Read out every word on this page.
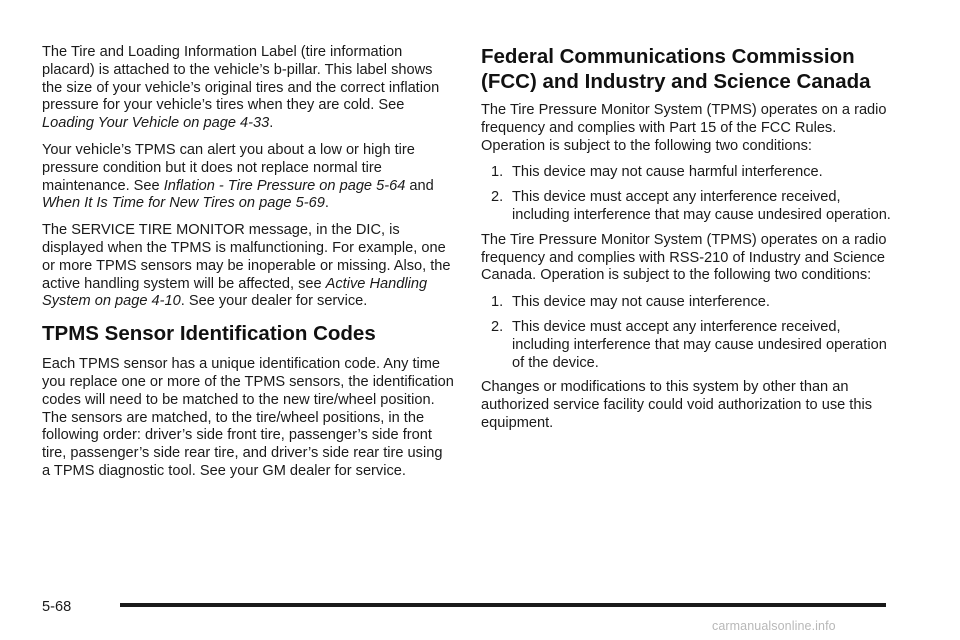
The Tire and Loading Information Label (tire information placard) is attached to the vehicle’s b-pillar. This label shows the size of your vehicle’s original tires and the correct inflation pressure for your vehicle’s tires when they are cold. See Loading Your Vehicle on page 4-33.

Your vehicle’s TPMS can alert you about a low or high tire pressure condition but it does not replace normal tire maintenance. See Inflation - Tire Pressure on page 5-64 and When It Is Time for New Tires on page 5-69.

The SERVICE TIRE MONITOR message, in the DIC, is displayed when the TPMS is malfunctioning. For example, one or more TPMS sensors may be inoperable or missing. Also, the active handling system will be affected, see Active Handling System on page 4-10. See your dealer for service.

TPMS Sensor Identification Codes

Each TPMS sensor has a unique identification code. Any time you replace one or more of the TPMS sensors, the identification codes will need to be matched to the new tire/wheel position. The sensors are matched, to the tire/wheel positions, in the following order: driver’s side front tire, passenger’s side front tire, passenger’s side rear tire, and driver’s side rear tire using a TPMS diagnostic tool. See your GM dealer for service.

Federal Communications Commission (FCC) and Industry and Science Canada

The Tire Pressure Monitor System (TPMS) operates on a radio frequency and complies with Part 15 of the FCC Rules. Operation is subject to the following two conditions:

1. This device may not cause harmful interference.
2. This device must accept any interference received, including interference that may cause undesired operation.

The Tire Pressure Monitor System (TPMS) operates on a radio frequency and complies with RSS-210 of Industry and Science Canada. Operation is subject to the following two conditions:

1. This device may not cause interference.
2. This device must accept any interference received, including interference that may cause undesired operation of the device.

Changes or modifications to this system by other than an authorized service facility could void authorization to use this equipment.

5-68
carmanualsonline.info
